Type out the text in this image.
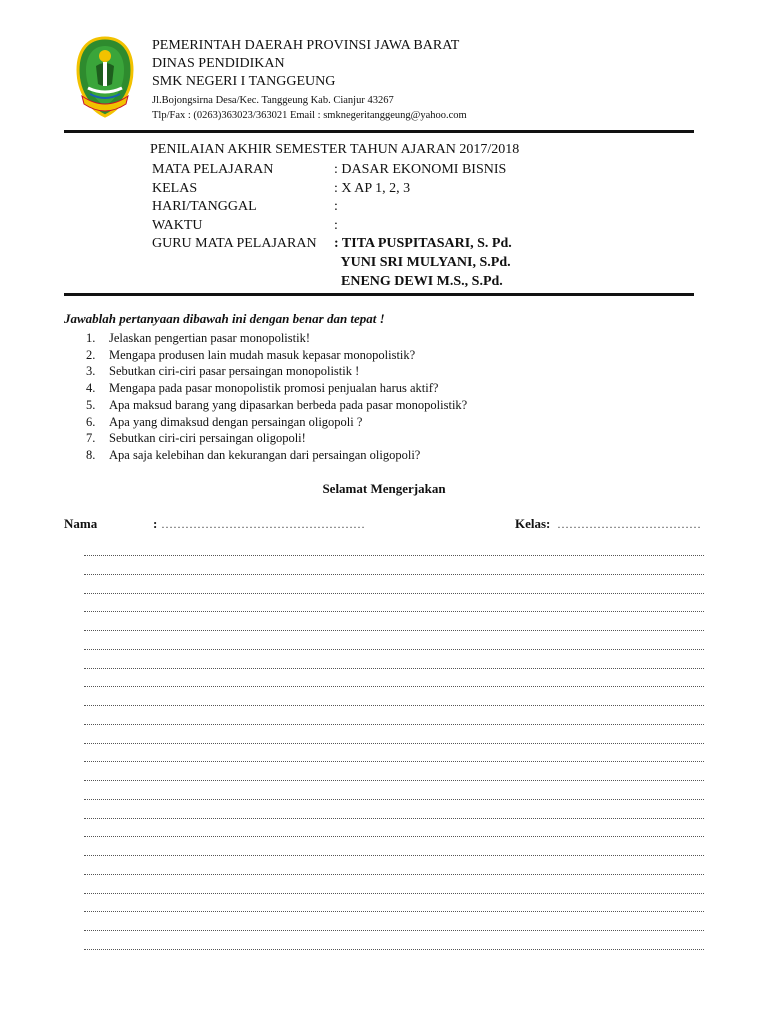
PEMERINTAH DAERAH PROVINSI JAWA BARAT
DINAS PENDIDIKAN
SMK NEGERI I TANGGEUNG
Jl.Bojongsirna Desa/Kec. Tanggeung Kab. Cianjur 43267
Tlp/Fax : (0263)363023/363021 Email : smknegeritanggeung@yahoo.com
PENILAIAN AKHIR SEMESTER TAHUN AJARAN 2017/2018
MATA PELAJARAN	: DASAR EKONOMI BISNIS
KELAS	: X AP 1, 2, 3
HARI/TANGGAL	:
WAKTU	:
GURU MATA PELAJARAN	: TITA PUSPITASARI, S. Pd.
YUNI SRI MULYANI, S.Pd.
ENENG DEWI M.S., S.Pd.
Jawablah pertanyaan dibawah ini dengan benar dan tepat !
1.	Jelaskan pengertian pasar monopolistik!
2.	Mengapa produsen lain mudah masuk kepasar monopolistik?
3.	Sebutkan ciri-ciri pasar persaingan monopolistik !
4.	Mengapa pada pasar monopolistik promosi penjualan harus aktif?
5.	Apa maksud barang yang dipasarkan berbeda pada pasar monopolistik?
6.	Apa yang dimaksud dengan persaingan oligopoli ?
7.	Sebutkan ciri-ciri persaingan oligopoli!
8.	Apa saja kelebihan dan kekurangan dari persaingan oligopoli?
Selamat Mengerjakan
Nama	: ……………………………………………	Kelas: ………………………………
